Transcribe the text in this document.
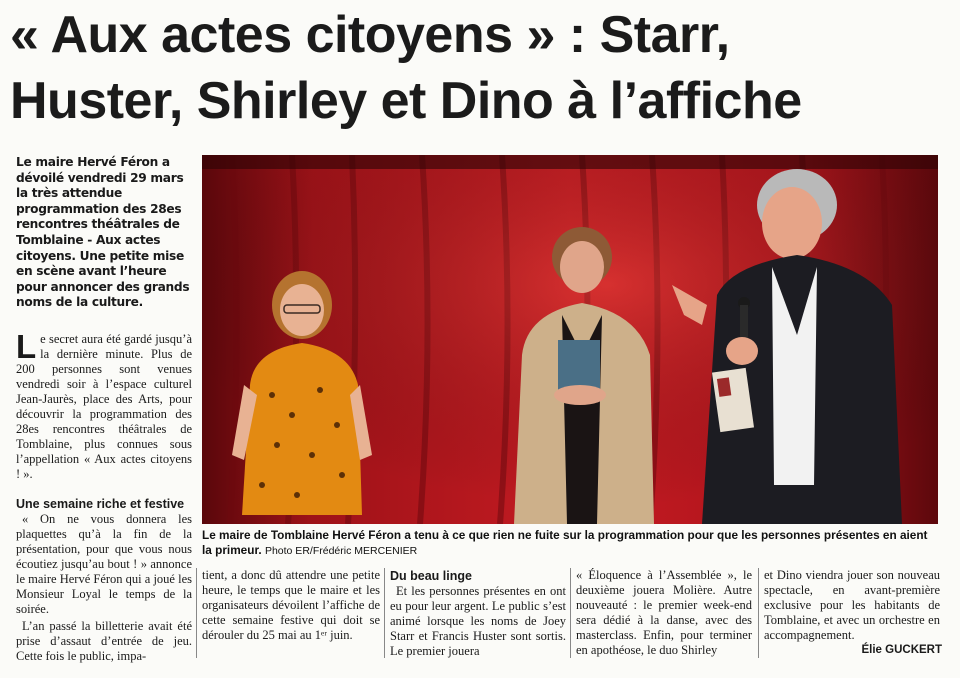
« Aux actes citoyens » : Starr,
Huster, Shirley et Dino à l’affiche
Le maire Hervé Féron a dévoilé vendredi 29 mars la très attendue programmation des 28es rencontres théâtrales de Tomblaine - Aux actes citoyens. Une petite mise en scène avant l’heure pour annoncer des grands noms de la culture.
Le secret aura été gardé jusqu’à la dernière minute. Plus de 200 personnes sont venues vendredi soir à l’espace culturel Jean-Jaurès, place des Arts, pour découvrir la programmation des 28es rencontres théâtrales de Tomblaine, plus connues sous l’appellation « Aux actes citoyens ! ».
Une semaine riche et festive

« On ne vous donnera les plaquettes qu’à la fin de la présentation, pour que vous nous écoutiez jusqu’au bout ! » annonce le maire Hervé Féron qui a joué les Monsieur Loyal le temps de la soirée.

L’an passé la billetterie avait été prise d’assaut d’entrée de jeu. Cette fois le public, impa-

Le maire de Tomblaine Hervé Féron a tenu à ce que rien ne fuite sur la programmation pour que les personnes présentes en aient la primeur. Photo ER/Frédéric MERCENIER
tient, a donc dû attendre une petite heure, le temps que le maire et les organisateurs dévoilent l’affiche de cette semaine festive qui doit se dérouler du 25 mai au 1ᵉʳ juin.
Du beau linge

Et les personnes présentes en ont eu pour leur argent. Le public s’est animé lorsque les noms de Joey Starr et Francis Huster sont sortis. Le premier jouera

« Éloquence à l’Assemblée », le deuxième jouera Molière. Autre nouveauté : le premier week-end sera dédié à la danse, avec des masterclass. Enfin, pour terminer en apothéose, le duo Shirley
et Dino viendra jouer son nouveau spectacle, en avant-première exclusive pour les habitants de Tomblaine, et avec un orchestre en accompagnement.
Élie GUCKERT
